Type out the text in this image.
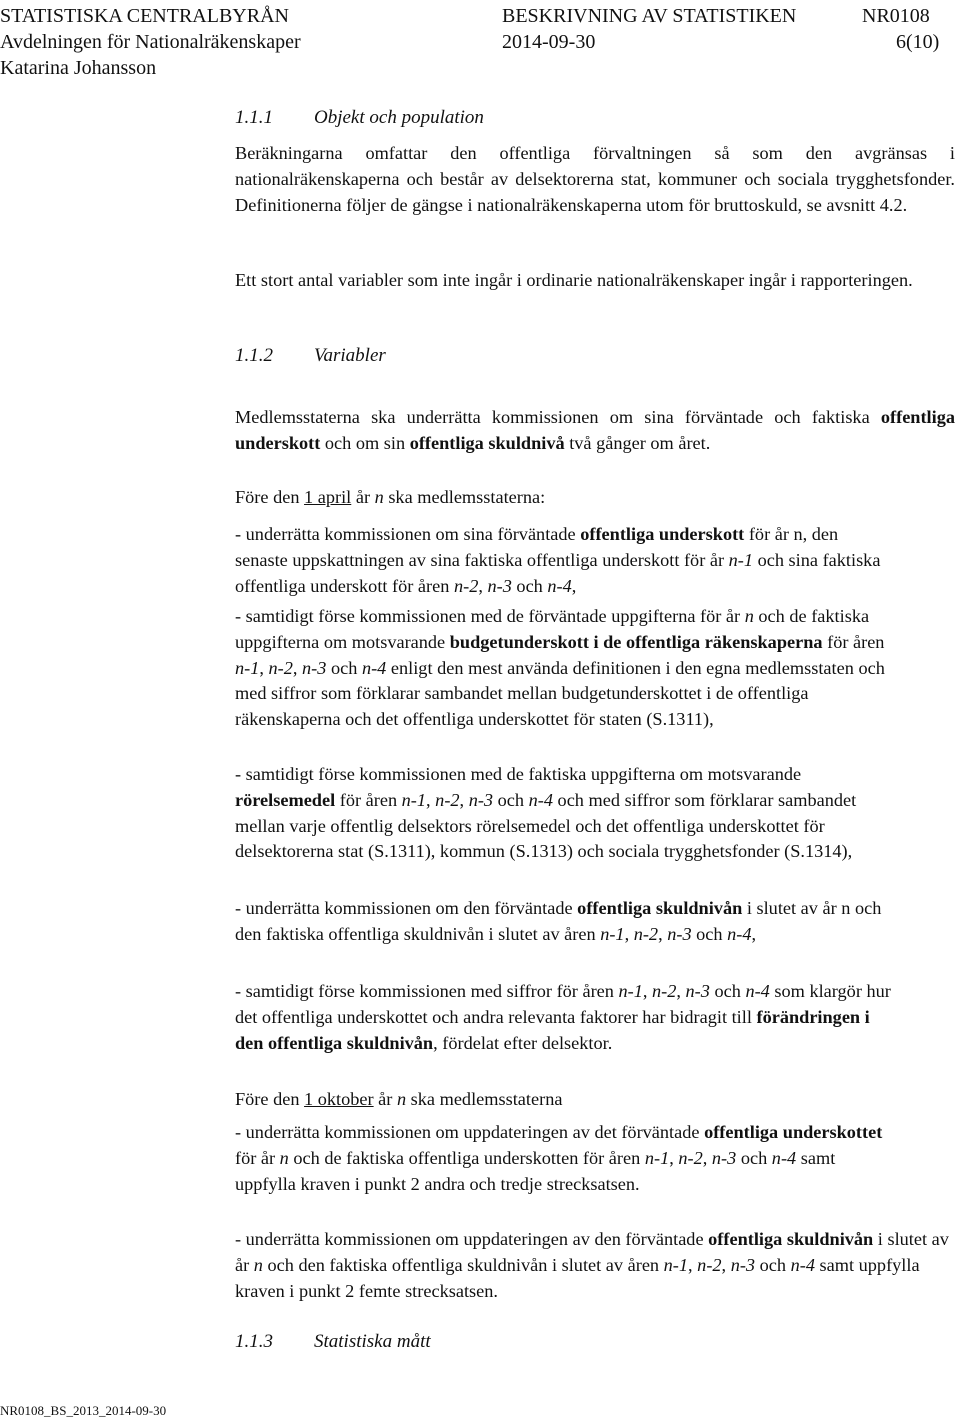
STATISTISKA CENTRALBYRÅN	BESKRIVNING AV STATISTIKEN	NR0108
Avdelningen för Nationalräkenskaper	2014-09-30	6(10)
Katarina Johansson
1.1.1 Objekt och population
Beräkningarna omfattar den offentliga förvaltningen så som den avgränsas i nationalräkenskaperna och består av delsektorerna stat, kommuner och sociala trygghetsfonder. Definitionerna följer de gängse i nationalräkenskaperna utom för bruttoskuld, se avsnitt 4.2.
Ett stort antal variabler som inte ingår i ordinarie nationalräkenskaper ingår i rapporteringen.
1.1.2 Variabler
Medlemsstaterna ska underrätta kommissionen om sina förväntade och faktiska offentliga underskott och om sin offentliga skuldnivå två gånger om året.
Före den 1 april år n ska medlemsstaterna:
- underrätta kommissionen om sina förväntade offentliga underskott för år n, den senaste uppskattningen av sina faktiska offentliga underskott för år n-1 och sina faktiska offentliga underskott för åren n-2, n-3 och n-4,
- samtidigt förse kommissionen med de förväntade uppgifterna för år n och de faktiska uppgifterna om motsvarande budgetunderskott i de offentliga räkenskaperna för åren n-1, n-2, n-3 och n-4 enligt den mest använda definitionen i den egna medlemsstaten och med siffror som förklarar sambandet mellan budgetunderskottet i de offentliga räkenskaperna och det offentliga underskottet för staten (S.1311),
- samtidigt förse kommissionen med de faktiska uppgifterna om motsvarande rörelsemedel för åren n-1, n-2, n-3 och n-4 och med siffror som förklarar sambandet mellan varje offentlig delsektors rörelsemedel och det offentliga underskottet för delsektorerna stat (S.1311), kommun (S.1313) och sociala trygghetsfonder (S.1314),
- underrätta kommissionen om den förväntade offentliga skuldnivån i slutet av år n och den faktiska offentliga skuldnivån i slutet av åren n-1, n-2, n-3 och n-4,
- samtidigt förse kommissionen med siffror för åren n-1, n-2, n-3 och n-4 som klargör hur det offentliga underskottet och andra relevanta faktorer har bidragit till förändringen i den offentliga skuldnivån, fördelat efter delsektor.
Före den 1 oktober år n ska medlemsstaterna
- underrätta kommissionen om uppdateringen av det förväntade offentliga underskottet för år n och de faktiska offentliga underskotten för åren n-1, n-2, n-3 och n-4 samt uppfylla kraven i punkt 2 andra och tredje strecksatsen.
- underrätta kommissionen om uppdateringen av den förväntade offentliga skuldnivån i slutet av år n och den faktiska offentliga skuldnivån i slutet av åren n-1, n-2, n-3 och n-4 samt uppfylla kraven i punkt 2 femte strecksatsen.
1.1.3 Statistiska mått
NR0108_BS_2013_2014-09-30
